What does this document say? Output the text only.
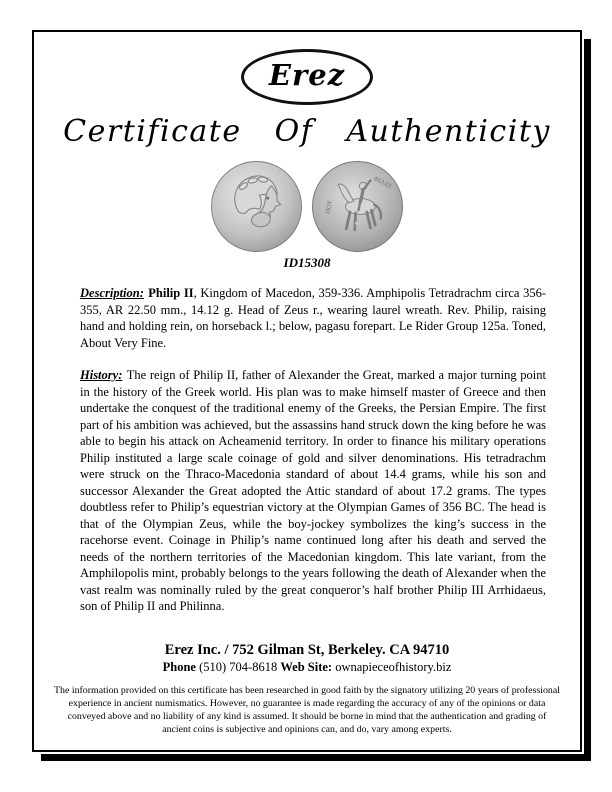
Erez
Certificate Of Authenticity
ΦΙΛΙΠ
ΠΟΥ
ID15308

Description: Philip II, Kingdom of Macedon, 359-336. Amphipolis Tetradrachm circa 356-355, AR 22.50 mm., 14.12 g. Head of Zeus r., wearing laurel wreath. Rev. Philip, raising hand and holding rein, on horseback l.; below, pagasu forepart. Le Rider Group 125a. Toned, About Very Fine.

History: The reign of Philip II, father of Alexander the Great, marked a major turning point in the history of the Greek world. His plan was to make himself master of Greece and then undertake the conquest of the traditional enemy of the Greeks, the Persian Empire. The first part of his ambition was achieved, but the assassins hand struck down the king before he was able to begin his attack on Acheamenid territory. In order to finance his military operations Philip instituted a large scale coinage of gold and silver denominations. His tetradrachm were struck on the Thraco-Macedonia standard of about 14.4 grams, while his son and successor Alexander the Great adopted the Attic standard of about 17.2 grams. The types doubtless refer to Philip’s equestrian victory at the Olympian Games of 356 BC. The head is that of the Olympian Zeus, while the boy-jockey symbolizes the king’s success in the racehorse event. Coinage in Philip’s name continued long after his death and served the needs of the northern territories of the Macedonian kingdom. This late variant, from the Amphilopolis mint, probably belongs to the years following the death of Alexander when the vast realm was nominally ruled by the great conqueror’s half brother Philip III Arrhidaeus, son of Philip II and Philinna.

Erez Inc. / 752 Gilman St, Berkeley. CA 94710
Phone (510) 704-8618 Web Site: ownapieceofhistory.biz

The information provided on this certificate has been researched in good faith by the signatory utilizing 20 years of professional experience in ancient numismatics. However, no guarantee is made regarding the accuracy of any of the opinions or data conveyed above and no liability of any kind is assumed. It should be borne in mind that the authentication and grading of ancient coins is subjective and opinions can, and do, vary among experts.
